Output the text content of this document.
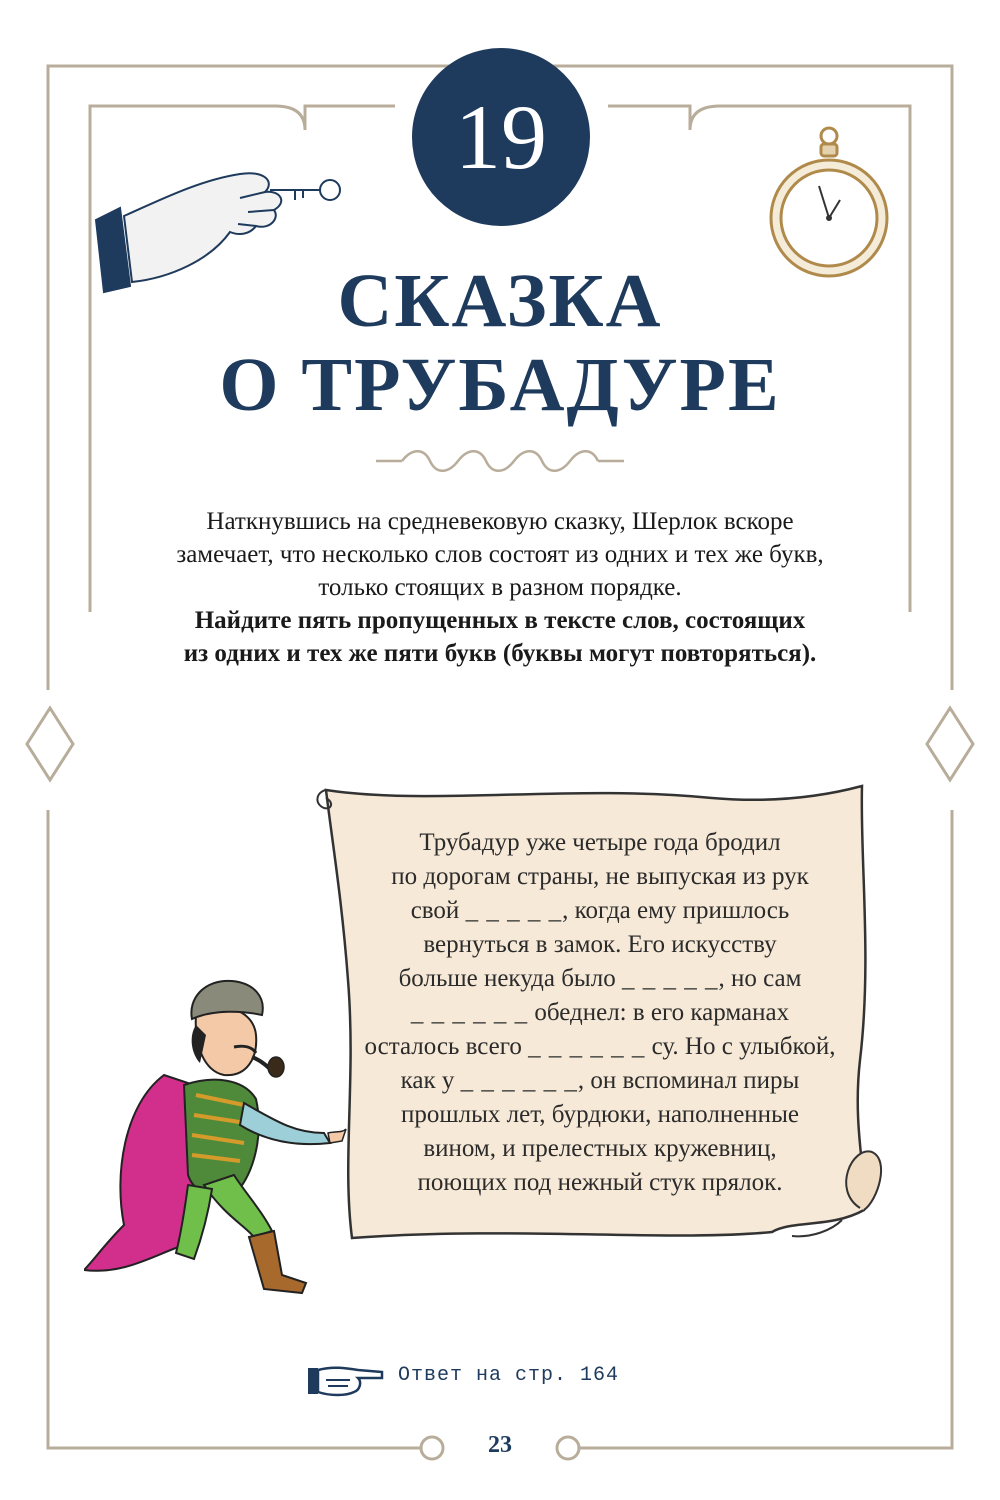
19
СКАЗКА
О ТРУБАДУРЕ
Наткнувшись на средневековую сказку, Шерлок вскоре
замечает, что несколько слов состоят из одних и тех же букв,
только стоящих в разном порядке.
Найдите пять пропущенных в тексте слов, состоящих
из одних и тех же пяти букв (буквы могут повторяться).
Трубадур уже четыре года бродил
по дорогам страны, не выпуская из рук
свой _ _ _ _ _, когда ему пришлось
вернуться в замок. Его искусству
больше некуда было _ _ _ _ _, но сам
_ _ _ _ _ _ обеднел: в его карманах
осталось всего _ _ _ _ _ _ су. Но с улыбкой,
как у _ _ _ _ _ _, он вспоминал пиры
прошлых лет, бурдюки, наполненные
вином, и прелестных кружевниц,
поющих под нежный стук прялок.
Ответ на стр. 164
23
